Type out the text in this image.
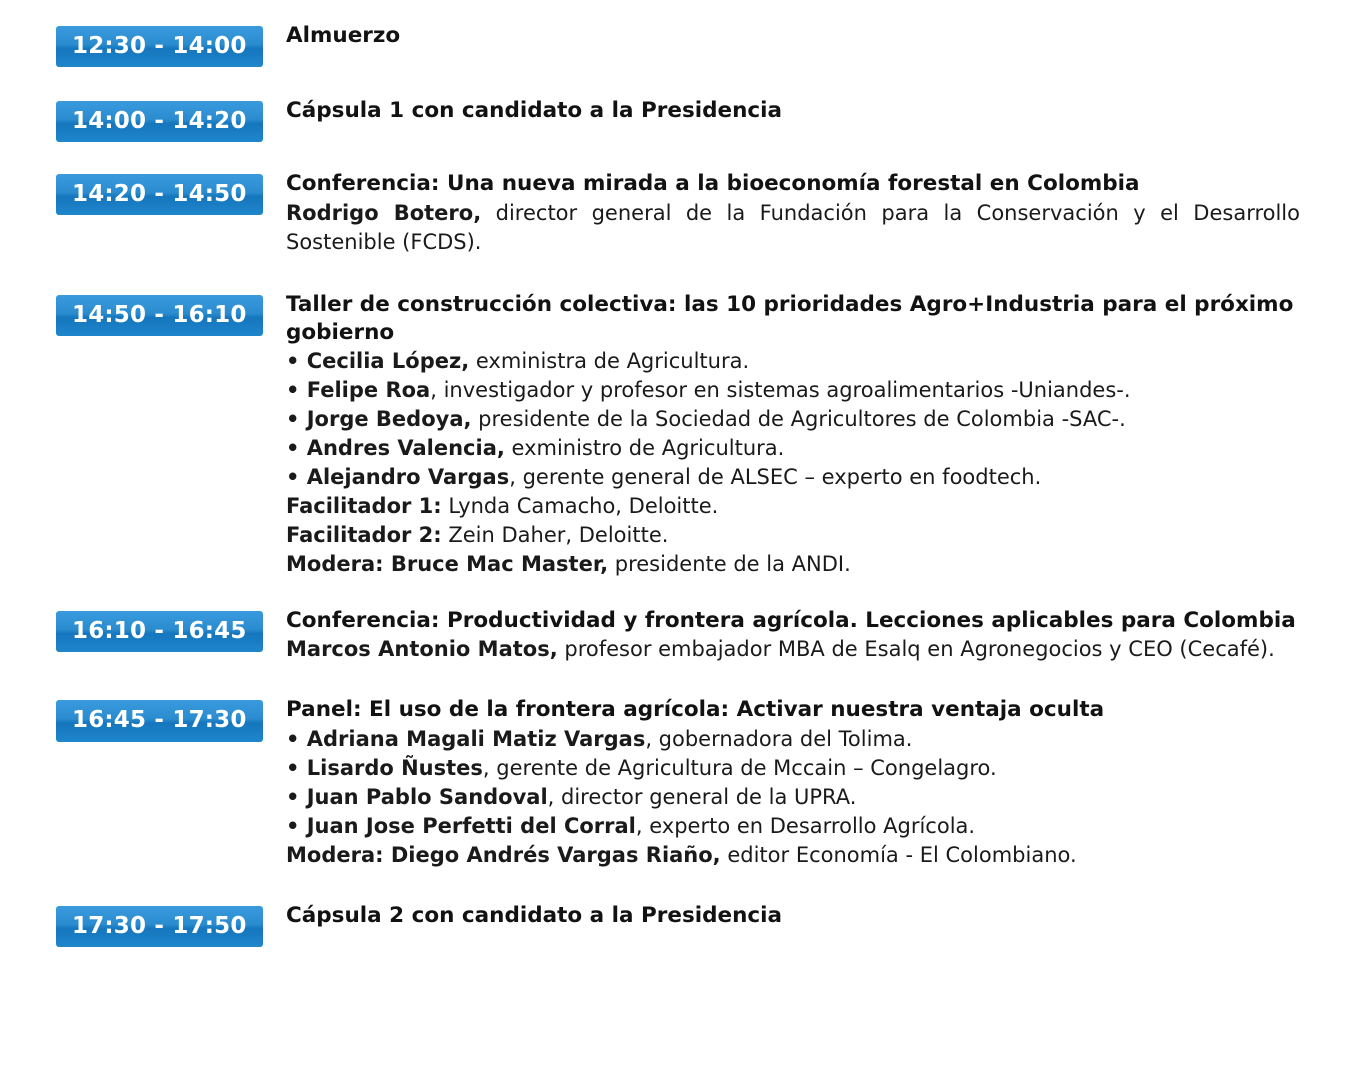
12:30 - 14:00	Almuerzo
14:00 - 14:20	Cápsula 1 con candidato a la Presidencia
14:20 - 14:50	Conferencia: Una nueva mirada a la bioeconomía forestal en Colombia
Rodrigo Botero, director general de la Fundación para la Conservación y el Desarrollo Sostenible (FCDS).
14:50 - 16:10	Taller de construcción colectiva: las 10 prioridades Agro+Industria para el próximo gobierno
• Cecilia López, exministra de Agricultura.
• Felipe Roa, investigador y profesor en sistemas agroalimentarios -Uniandes-.
• Jorge Bedoya, presidente de la Sociedad de Agricultores de Colombia -SAC-.
• Andres Valencia, exministro de Agricultura.
• Alejandro Vargas, gerente general de ALSEC – experto en foodtech.
Facilitador 1: Lynda Camacho, Deloitte.
Facilitador 2: Zein Daher, Deloitte.
Modera: Bruce Mac Master, presidente de la ANDI.
16:10 - 16:45	Conferencia: Productividad y frontera agrícola. Lecciones aplicables para Colombia
Marcos Antonio Matos, profesor embajador MBA de Esalq en Agronegocios y CEO (Cecafé).
16:45 - 17:30	Panel: El uso de la frontera agrícola: Activar nuestra ventaja oculta
• Adriana Magali Matiz Vargas, gobernadora del Tolima.
• Lisardo Ñustes, gerente de Agricultura de Mccain – Congelagro.
• Juan Pablo Sandoval, director general de la UPRA.
• Juan Jose Perfetti del Corral, experto en Desarrollo Agrícola.
Modera: Diego Andrés Vargas Riaño, editor Economía - El Colombiano.
17:30 - 17:50	Cápsula 2 con candidato a la Presidencia
